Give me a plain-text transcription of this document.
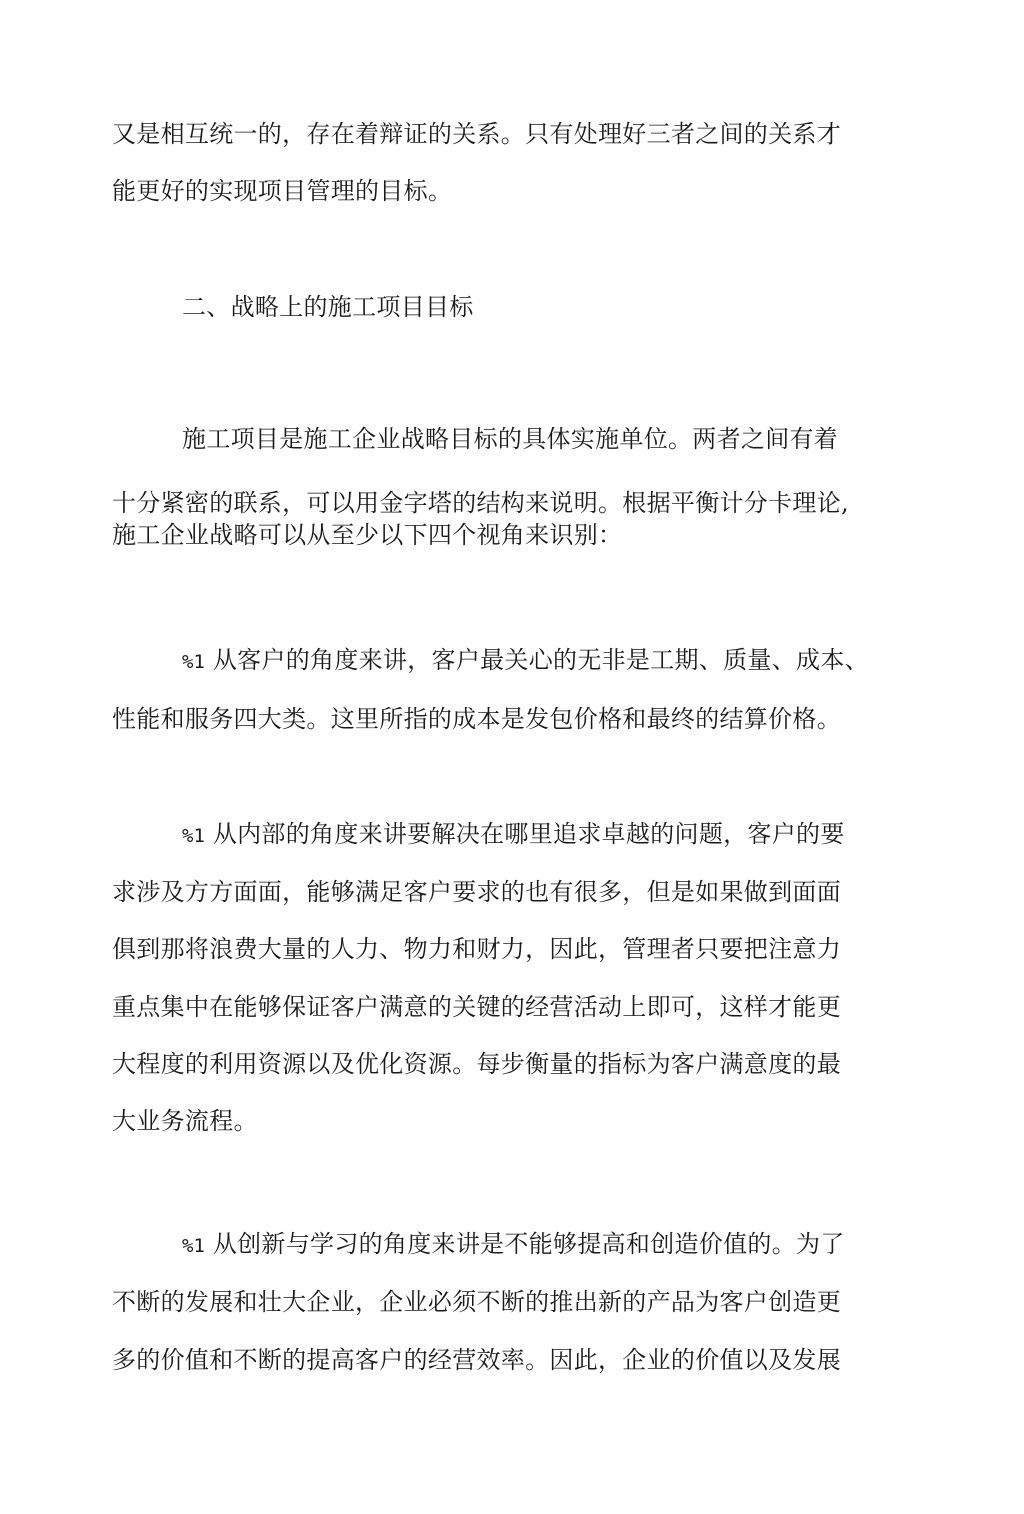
又是相互统一的，存在着辩证的关系。只有处理好三者之间的关系才
能更好的实现项目管理的目标。
二、战略上的施工项目目标
施工项目是施工企业战略目标的具体实施单位。两者之间有着
十分紧密的联系，可以用金字塔的结构来说明。根据平衡计分卡理论,
施工企业战略可以从至少以下四个视角来识别：
%1 从客户的角度来讲，客户最关心的无非是工期、质量、成本、
性能和服务四大类。这里所指的成本是发包价格和最终的结算价格。
%1 从内部的角度来讲要解决在哪里追求卓越的问题，客户的要
求涉及方方面面，能够满足客户要求的也有很多，但是如果做到面面
俱到那将浪费大量的人力、物力和财力，因此，管理者只要把注意力
重点集中在能够保证客户满意的关键的经营活动上即可，这样才能更
大程度的利用资源以及优化资源。每步衡量的指标为客户满意度的最
大业务流程。
%1 从创新与学习的角度来讲是不能够提高和创造价值的。为了
不断的发展和壮大企业，企业必须不断的推出新的产品为客户创造更
多的价值和不断的提高客户的经营效率。因此，企业的价值以及发展
